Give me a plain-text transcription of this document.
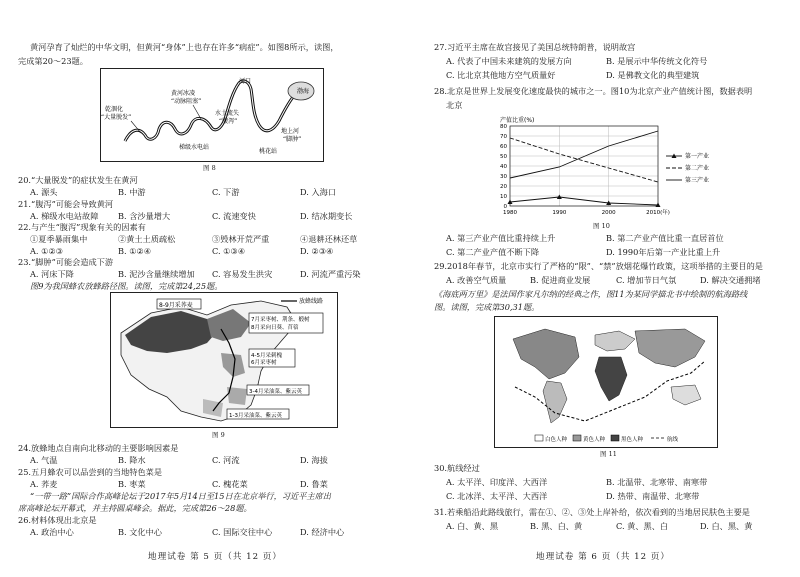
黄河孕育了灿烂的中华文明，但黄河“身体”上也存在许多“病症”。如图8所示，读图，
完成第20～23题。
渤海
河口
黄河冰凌
“动脉阻塞”
水土流失
“腹泻”
乾涸化
“大量脱发”
梯级水电站
桃花站
地上河
“脚肿”
图 8
20.“大量脱发”的症状发生在黄河
A. 源头	B. 中游	C. 下游	D. 入海口
21.“腹泻”可能会导致黄河
A. 梯级水电站故障 B. 含沙量增大	C. 流速变快	D. 结冰期变长
22.与产生“腹泻”现象有关的因素有
①夏季暴雨集中	②黄土土质疏松	③毁林开荒严重	④退耕还林还草
A. ①②③	B. ①②④	C. ①③④	D. ②③④
23.“脚肿”可能会造成下游
A. 河床下降	B. 泥沙含量继续增加 C. 容易发生洪灾	D. 河流严重污染
图9为我国蜂农放蜂路径图。读图，完成第24,25题。
放蜂线路
8-9月采荞麦
7月采枣树、荆条、椴树
8月采向日葵、苜蓿
4-5月采刺槐
6月采枣树
3-4月采油菜、紫云英
1-3月采油菜、紫云英
图 9
24.放蜂地点自南向北移动的主要影响因素是
A. 气温	B. 降水	C. 河流	D. 海拔
25.五月蜂农可以品尝到的当地特色菜是
A. 荞麦	B. 枣菜	C. 槐花菜	D. 鲁菜
“一带一路”国际合作高峰论坛于2017年5月14日至15日在北京举行，习近平主席出
席高峰论坛开幕式，并主持圆桌峰会。据此，完成第26～28题。
26.材料体现出北京是
A. 政治中心	B. 文化中心	C. 国际交往中心	D. 经济中心
地理试卷 第 5 页（共 12 页）
27.习近平主席在故宫接见了美国总统特朗普，说明故宫
A. 代表了中国未来建筑的发展方向	B. 是展示中华传统文化符号
C. 比北京其他地方空气质量好	D. 是佛教文化的典型建筑
28.北京是世界上发展变化速度最快的城市之一。图10为北京产业产值统计图，数据表明
北京
0
10
20
30
40
50
60
70
80
1980	1990	2000	2010(年)
产值比重(%)
第一产业
第二产业
第三产业
图 10
A. 第三产业产值比重持续上升	B. 第二产业产值比重一直居首位
C. 第二产业产值不断下降	D. 1990年后第一产业比重上升
29.2018年春节，北京市实行了严格的“限”、“禁”放烟花爆竹政策，这项举措的主要目的是
A. 改善空气质量	B. 促进商业发展	C. 增加节日气氛	D. 解决交通拥堵
《海底两万里》是法国作家凡尔纳的经典之作，图11为某同学描北书中绘制的航海路线
图。读图，完成第30,31题。
白色人种	黄色人种	黑色人种	航线
图 11
30.航线经过
A. 太平洋、印度洋、大西洋	B. 北温带、北寒带、南寒带
C. 北冰洋、太平洋、大西洋	D. 热带、南温带、北寒带
31.若乘船沿此路线旅行，需在①、②、③处上岸补给，依次看到的当地居民肤色主要是
A. 白、黄、黑	B. 黑、白、黄	C. 黄、黑、白	D. 白、黑、黄
地理试卷 第 6 页（共 12 页）
